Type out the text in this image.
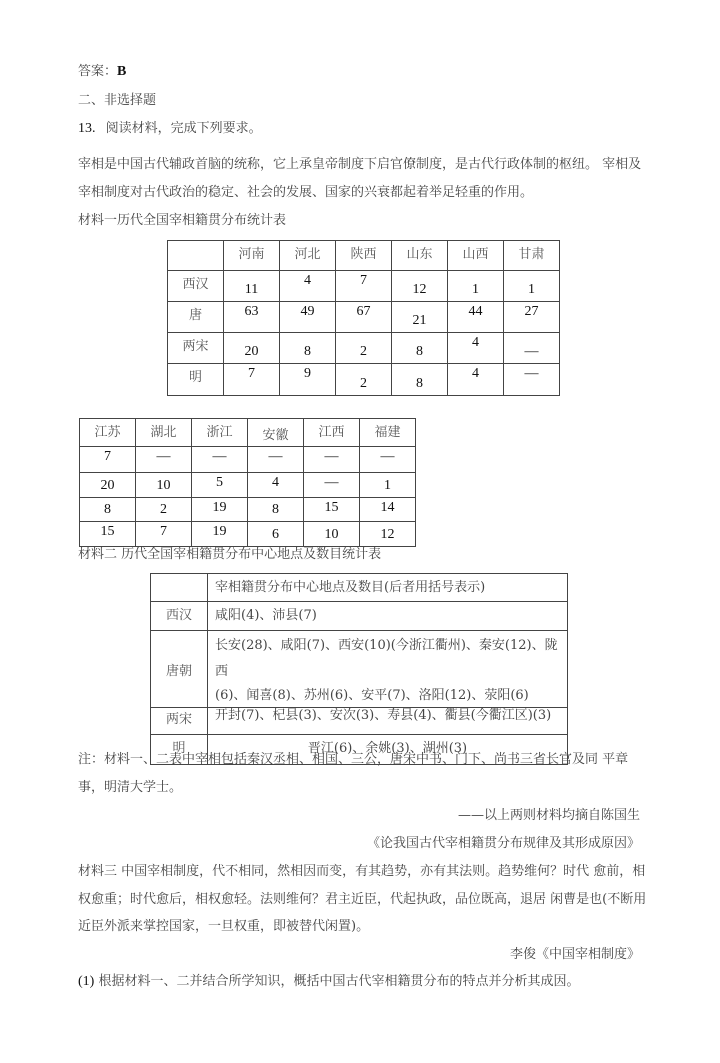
答案：B
二、非选择题
13. 阅读材料，完成下列要求。
宰相是中国古代辅政首脑的统称，它上承皇帝制度下启官僚制度，是古代行政体制的枢纽。 宰相及
宰相制度对古代政治的稳定、社会的发展、国家的兴衰都起着举足轻重的作用。
材料一历代全国宰相籍贯分布统计表
	河南	河北	陕西	山东	山西	甘肃
西汉	11	4	7	12	1	1
唐	63	49	67	21	44	27
两宋	20	8	2	8	4	—
明	7	9	2	8	4	—
江苏	湖北	浙江	安徽	江西	福建
7	—	—	—	—	—
20	10	5	4	—	1
8	2	19	8	15	14
15	7	19	6	10	12
材料二 历代全国宰相籍贯分布中心地点及数目统计表
	宰相籍贯分布中心地点及数目(后者用括号表示)
西汉	咸阳(4)、沛县(7)
唐朝	长安(28)、咸阳(7)、西安(10)(今浙江衢州)、秦安(12)、陇 西
(6)、闻喜(8)、苏州(6)、安平(7)、洛阳(12)、荥阳(6)

两宋	开封(7)、杞县(3)、安次(3)、寿县(4)、衢县(今衢江区)(3)
明	晋江(6)、余姚(3)、湖州(3)
注：材料一、二表中宰相包括秦汉丞相、相国、三公，唐宋中书、门下、尚书三省长官及同 平章
事，明清大学士。
——以上两则材料均摘自陈国生
《论我国古代宰相籍贯分布规律及其形成原因》
材料三 中国宰相制度，代不相同，然相因而变，有其趋势，亦有其法则。趋势维何？时代 愈前，相
权愈重；时代愈后，相权愈轻。法则维何？君主近臣，代起执政，品位既高，退居 闲曹是也(不断用
近臣外派来掌控国家，一旦权重，即被替代闲置)。
李俊《中国宰相制度》
(1) 根据材料一、二并结合所学知识，概括中国古代宰相籍贯分布的特点并分析其成因。
